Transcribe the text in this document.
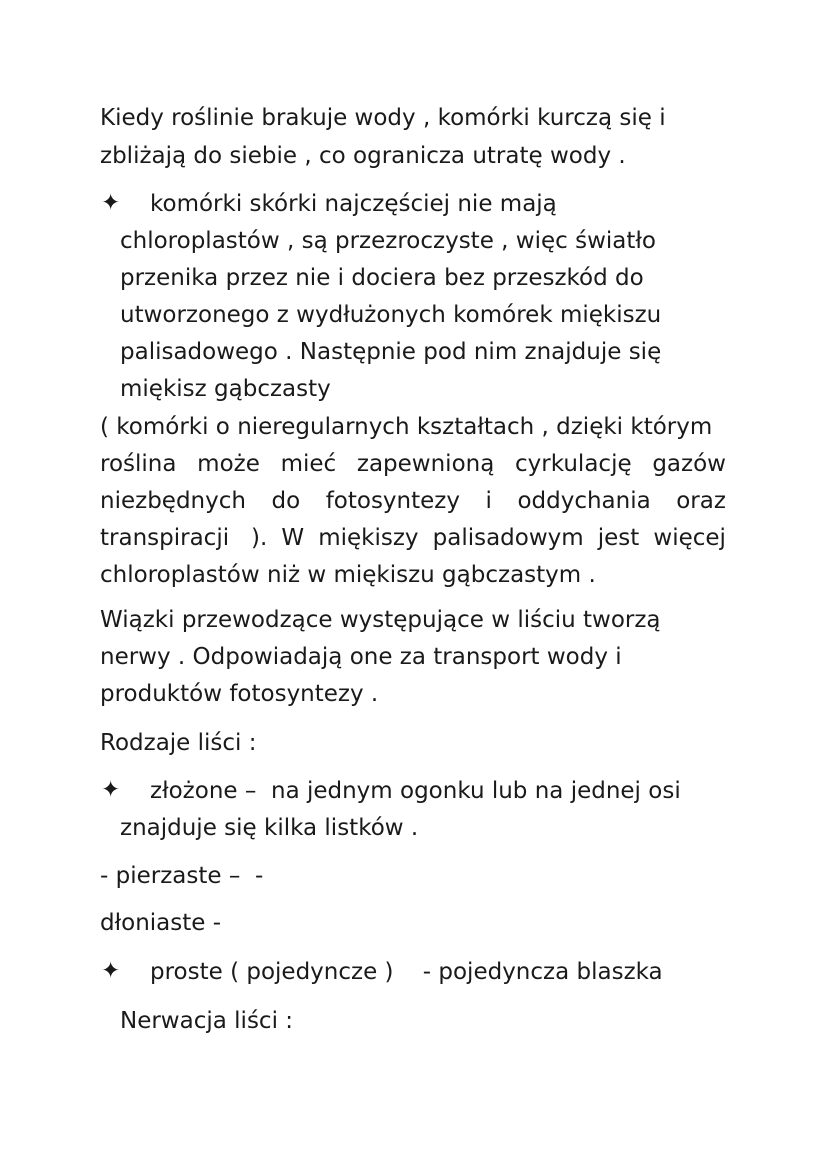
Kiedy roślinie brakuje wody , komórki kurczą się i

zbliżają do siebie , co ogranicza utratę wody .

✦ komórki skórki najczęściej nie mają

chloroplastów , są przezroczyste , więc światło

przenika przez nie i dociera bez przeszkód do

utworzonego z wydłużonych komórek miękiszu

palisadowego . Następnie pod nim znajduje się

miękisz gąbczasty

( komórki o nieregularnych kształtach , dzięki którym

roślina może mieć zapewnioną cyrkulację gazów
niezbędnych do fotosyntezy i oddychania oraz
transpiracji   ). W miękiszy palisadowym jest więcej

chloroplastów niż w miękiszu gąbczastym .

Wiązki przewodzące występujące w liściu tworzą

nerwy . Odpowiadają one za transport wody i

produktów fotosyntezy .

Rodzaje liści :

✦ złożone –  na jednym ogonku lub na jednej osi

znajduje się kilka listków .

- pierzaste –  -

dłoniaste -

✦ proste ( pojedyncze )    - pojedyncza blaszka

Nerwacja liści :
